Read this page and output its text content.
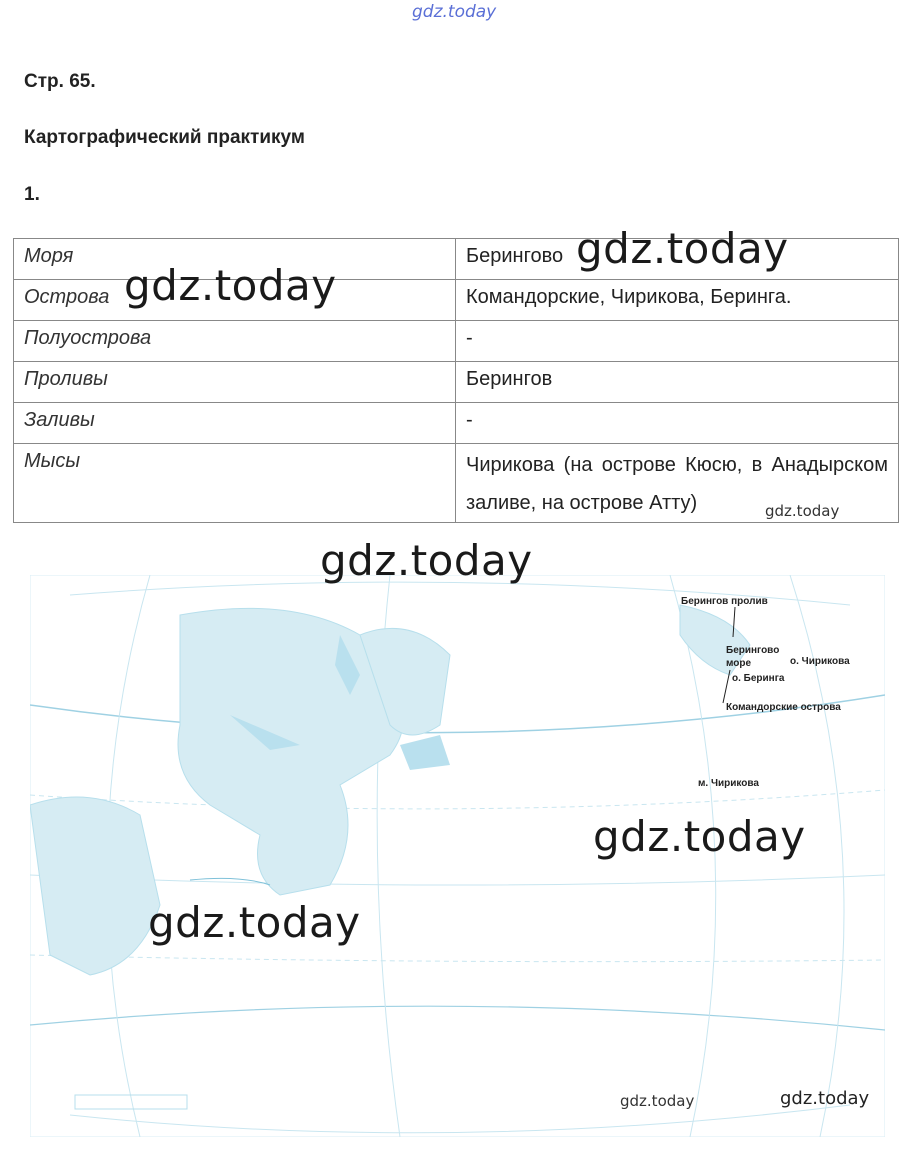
gdz.today
Стр. 65.
Картографический практикум
1.
Моря	Берингово
Острова	Командорские, Чирикова, Беринга.
Полуострова	-
Проливы	Берингов
Заливы	-
Мысы	Чирикова (на острове Кюсю, в Анадырском заливе, на острове Атту)
Берингов пролив
Берингово
море	о. Чирикова
о. Беринга
Командорские острова
м. Чирикова
gdz.today
gdz.today
gdz.today
gdz.today
gdz.today
gdz.today
gdz.today	gdz.today
